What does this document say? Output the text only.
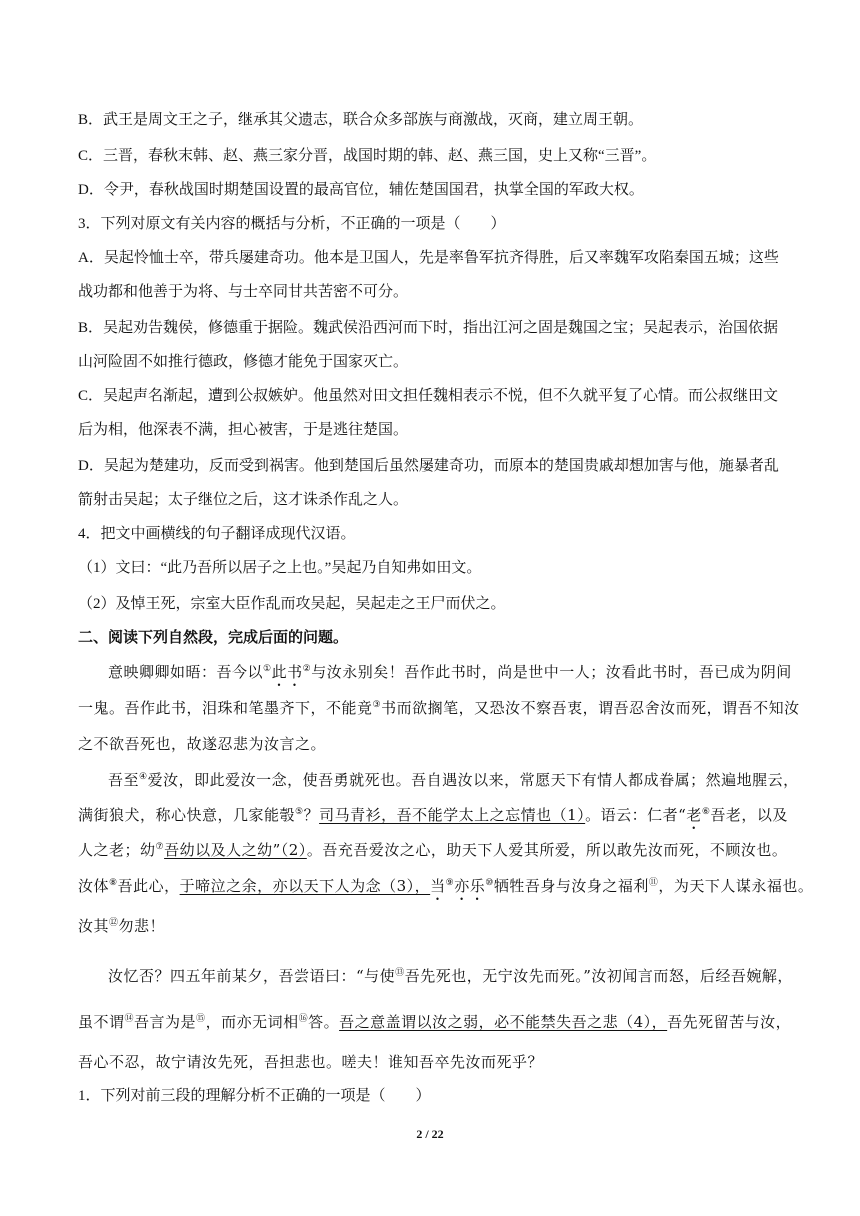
B．武王是周文王之子，继承其父遗志，联合众多部族与商激战，灭商，建立周王朝。
C．三晋，春秋末韩、赵、燕三家分晋，战国时期的韩、赵、燕三国，史上又称“三晋”。
D．令尹，春秋战国时期楚国设置的最高官位，辅佐楚国国君，执掌全国的军政大权。
3．下列对原文有关内容的概括与分析，不正确的一项是（　　）
A．吴起怜恤士卒，带兵屡建奇功。他本是卫国人，先是率鲁军抗齐得胜，后又率魏军攻陷秦国五城；这些
战功都和他善于为将、与士卒同甘共苦密不可分。
B．吴起劝告魏侯，修德重于据险。魏武侯沿西河而下时，指出江河之固是魏国之宝；吴起表示，治国依据
山河险固不如推行德政，修德才能免于国家灭亡。
C．吴起声名渐起，遭到公叔嫉妒。他虽然对田文担任魏相表示不悦，但不久就平复了心情。而公叔继田文
后为相，他深表不满，担心被害，于是逃往楚国。
D．吴起为楚建功，反而受到祸害。他到楚国后虽然屡建奇功，而原本的楚国贵戚却想加害与他，施暴者乱
箭射击吴起；太子继位之后，这才诛杀作乱之人。
4．把文中画横线的句子翻译成现代汉语。
（1）文曰：“此乃吾所以居子之上也。”吴起乃自知弗如田文。
（2）及悼王死，宗室大臣作乱而攻吴起，吴起走之王尸而伏之。
二、阅读下列自然段，完成后面的问题。
意映卿卿如晤：吾今以①此书②与汝永别矣！吾作此书时，尚是世中一人；汝看此书时，吾已成为阴间
一鬼。吾作此书，泪珠和笔墨齐下，不能竟③书而欲搁笔，又恐汝不察吾衷，谓吾忍舍汝而死，谓吾不知汝
之不欲吾死也，故遂忍悲为汝言之。
吾至④爱汝，即此爱汝一念，使吾勇就死也。吾自遇汝以来，常愿天下有情人都成眷属；然遍地腥云，
满街狼犬，称心快意，几家能彀⑤？司马青衫，吾不能学太上之忘情也（1）。语云：仁者“老⑥吾老，以及
人之老；幼⑦吾幼以及人之幼”（2）。吾充吾爱汝之心，助天下人爱其所爱，所以敢先汝而死，不顾汝也。
汝体⑧吾此心，于啼泣之余，亦以天下人为念（3），当⑨亦乐⑩牺牲吾身与汝身之福利⑪，为天下人谋永福也。
汝其⑫勿悲！
汝忆否？四五年前某夕，吾尝语曰：“与使⑬吾先死也，无宁汝先而死。”汝初闻言而怒，后经吾婉解，
虽不谓⑭吾言为是⑮，而亦无词相⑯答。吾之意盖谓以汝之弱，必不能禁失吾之悲（4），吾先死留苦与汝，
吾心不忍，故宁请汝先死，吾担悲也。嗟夫！谁知吾卒先汝而死乎？
1．下列对前三段的理解分析不正确的一项是（　　）
2 / 22
